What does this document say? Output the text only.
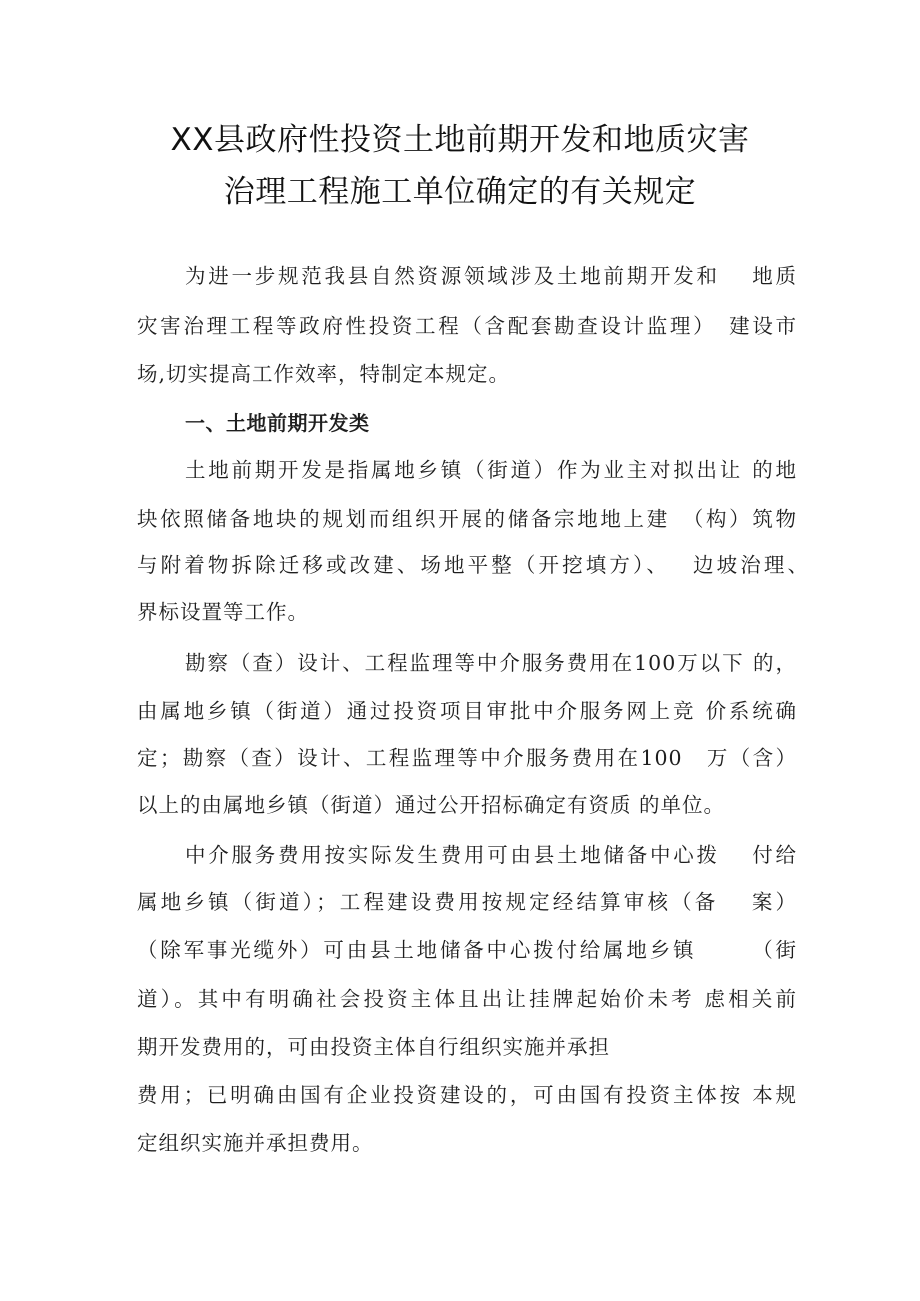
XX县政府性投资土地前期开发和地质灾害
治理工程施工单位确定的有关规定
为进一步规范我县自然资源领域涉及土地前期开发和　 地质
灾害治理工程等政府性投资工程（含配套勘查设计监理）　建设市
场,切实提高工作效率，特制定本规定。
一、土地前期开发类
土地前期开发是指属地乡镇（街道）作为业主对拟出让 的地
块依照储备地块的规划而组织开展的储备宗地地上建　（构）筑物
与附着物拆除迁移或改建、场地平整（开挖填方）、　 边坡治理、
界标设置等工作。
勘察（查）设计、工程监理等中介服务费用在100万以下 的，
由属地乡镇（街道）通过投资项目审批中介服务网上竞 价系统确
定；勘察（查）设计、工程监理等中介服务费用在100　万（含）
以上的由属地乡镇（街道）通过公开招标确定有资质 的单位。
中介服务费用按实际发生费用可由县土地储备中心拨　 付给
属地乡镇（街道）；工程建设费用按规定经结算审核（备　 案）
（除军事光缆外）可由县土地储备中心拨付给属地乡镇　　 （街
道）。其中有明确社会投资主体且出让挂牌起始价未考 虑相关前
期开发费用的，可由投资主体自行组织实施并承担
费用；已明确由国有企业投资建设的，可由国有投资主体按 本规
定组织实施并承担费用。
